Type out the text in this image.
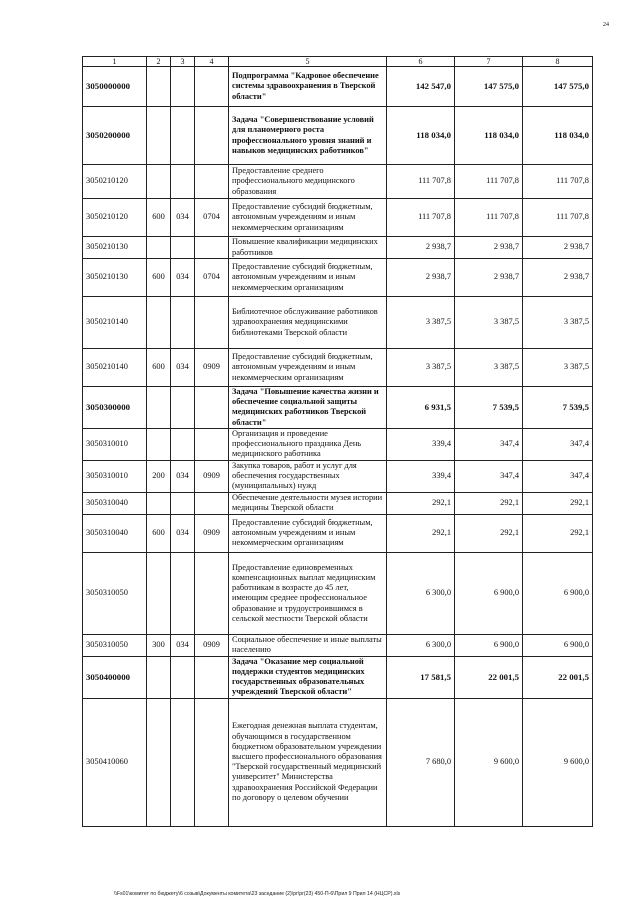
24
1	2	3	4	5	6	7	8
3050000000				Подпрограмма "Кадровое обеспечение системы здравоохранения в Тверской области"	142 547,0	147 575,0	147 575,0
3050200000				Задача "Совершенствование условий для планомерного роста профессионального уровня знаний и навыков медицинских работников"	118 034,0	118 034,0	118 034,0
3050210120				Предоставление среднего профессионального медицинского образования	111 707,8	111 707,8	111 707,8
3050210120	600	034	0704	Предоставление субсидий бюджетным, автономным учреждениям и иным некоммерческим организациям	111 707,8	111 707,8	111 707,8
3050210130				Повышение квалификации медицинских работников	2 938,7	2 938,7	2 938,7
3050210130	600	034	0704	Предоставление субсидий бюджетным, автономным учреждениям и иным некоммерческим организациям	2 938,7	2 938,7	2 938,7
3050210140				Библиотечное обслуживание работников здравоохранения медицинскими библиотеками Тверской области	3 387,5	3 387,5	3 387,5
3050210140	600	034	0909	Предоставление субсидий бюджетным, автономным учреждениям и иным некоммерческим организациям	3 387,5	3 387,5	3 387,5
3050300000				Задача "Повышение качества жизни и обеспечение социальной защиты медицинских работников Тверской области"	6 931,5	7 539,5	7 539,5
3050310010				Организация и проведение профессионального праздника День медицинского работника	339,4	347,4	347,4
3050310010	200	034	0909	Закупка товаров, работ и услуг для обеспечения государственных (муниципальных) нужд	339,4	347,4	347,4
3050310040				Обеспечение деятельности музея истории медицины Тверской области	292,1	292,1	292,1
3050310040	600	034	0909	Предоставление субсидий бюджетным, автономным учреждениям и иным некоммерческим организациям	292,1	292,1	292,1
3050310050				Предоставление единовременных компенсационных выплат медицинским работникам в возрасте до 45 лет, имеющим среднее профессиональное образование и трудоустроившимся в сельской местности Тверской области	6 300,0	6 900,0	6 900,0
3050310050	300	034	0909	Социальное обеспечение и иные выплаты населению	6 300,0	6 900,0	6 900,0
3050400000				Задача "Оказание мер социальной поддержки студентов медицинских государственных образовательных учреждений Тверской области"	17 581,5	22 001,5	22 001,5
3050410060				Ежегодная денежная выплата студентам, обучающимся в государственном бюджетном образовательном учреждении высшего профессионального образования "Тверской государственный медицинский университет" Министерства здравоохранения Российской Федерации по договору о целевом обучении	7 680,0	9 600,0	9 600,0
\\Fs01\комитет по бюджету\6 созыв\Документы комитета\23 заседание (2)\pr\pr(23) 450-П-6\Прил 9 Прил 14 (НЦСР).xls
